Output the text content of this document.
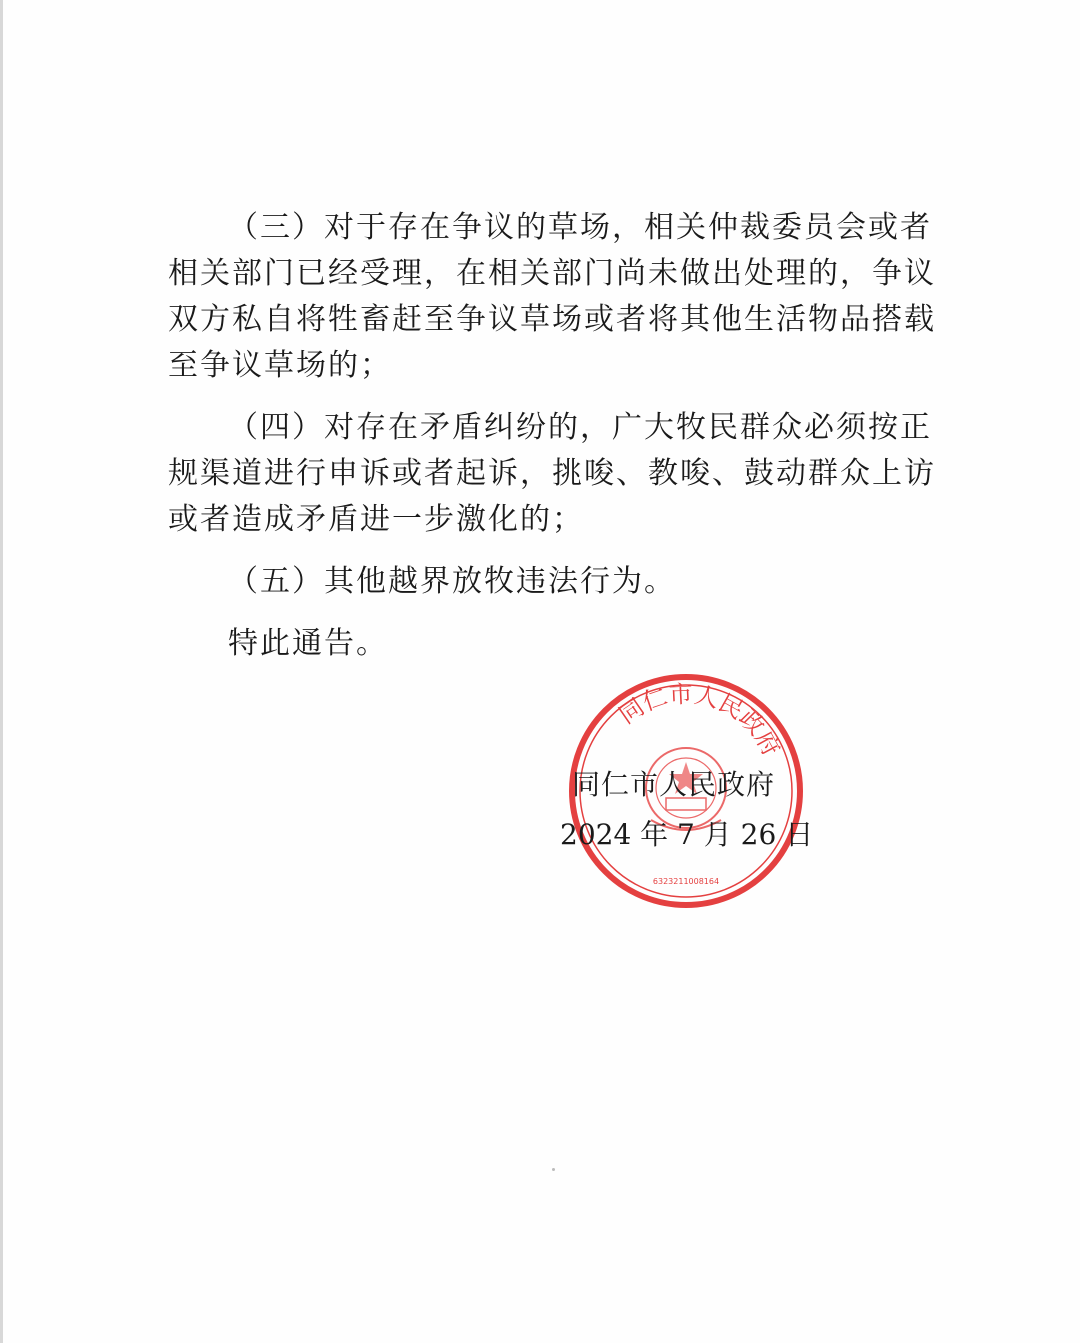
（三）对于存在争议的草场，相关仲裁委员会或者相关部门已经受理，在相关部门尚未做出处理的，争议双方私自将牲畜赶至争议草场或者将其他生活物品搭载至争议草场的；

（四）对存在矛盾纠纷的，广大牧民群众必须按正规渠道进行申诉或者起诉，挑唆、教唆、鼓动群众上访或者造成矛盾进一步激化的；

（五）其他越界放牧违法行为。

特此通告。

同仁市人民政府
6323211008164
同仁市人民政府
2024 年 7 月 26 日
